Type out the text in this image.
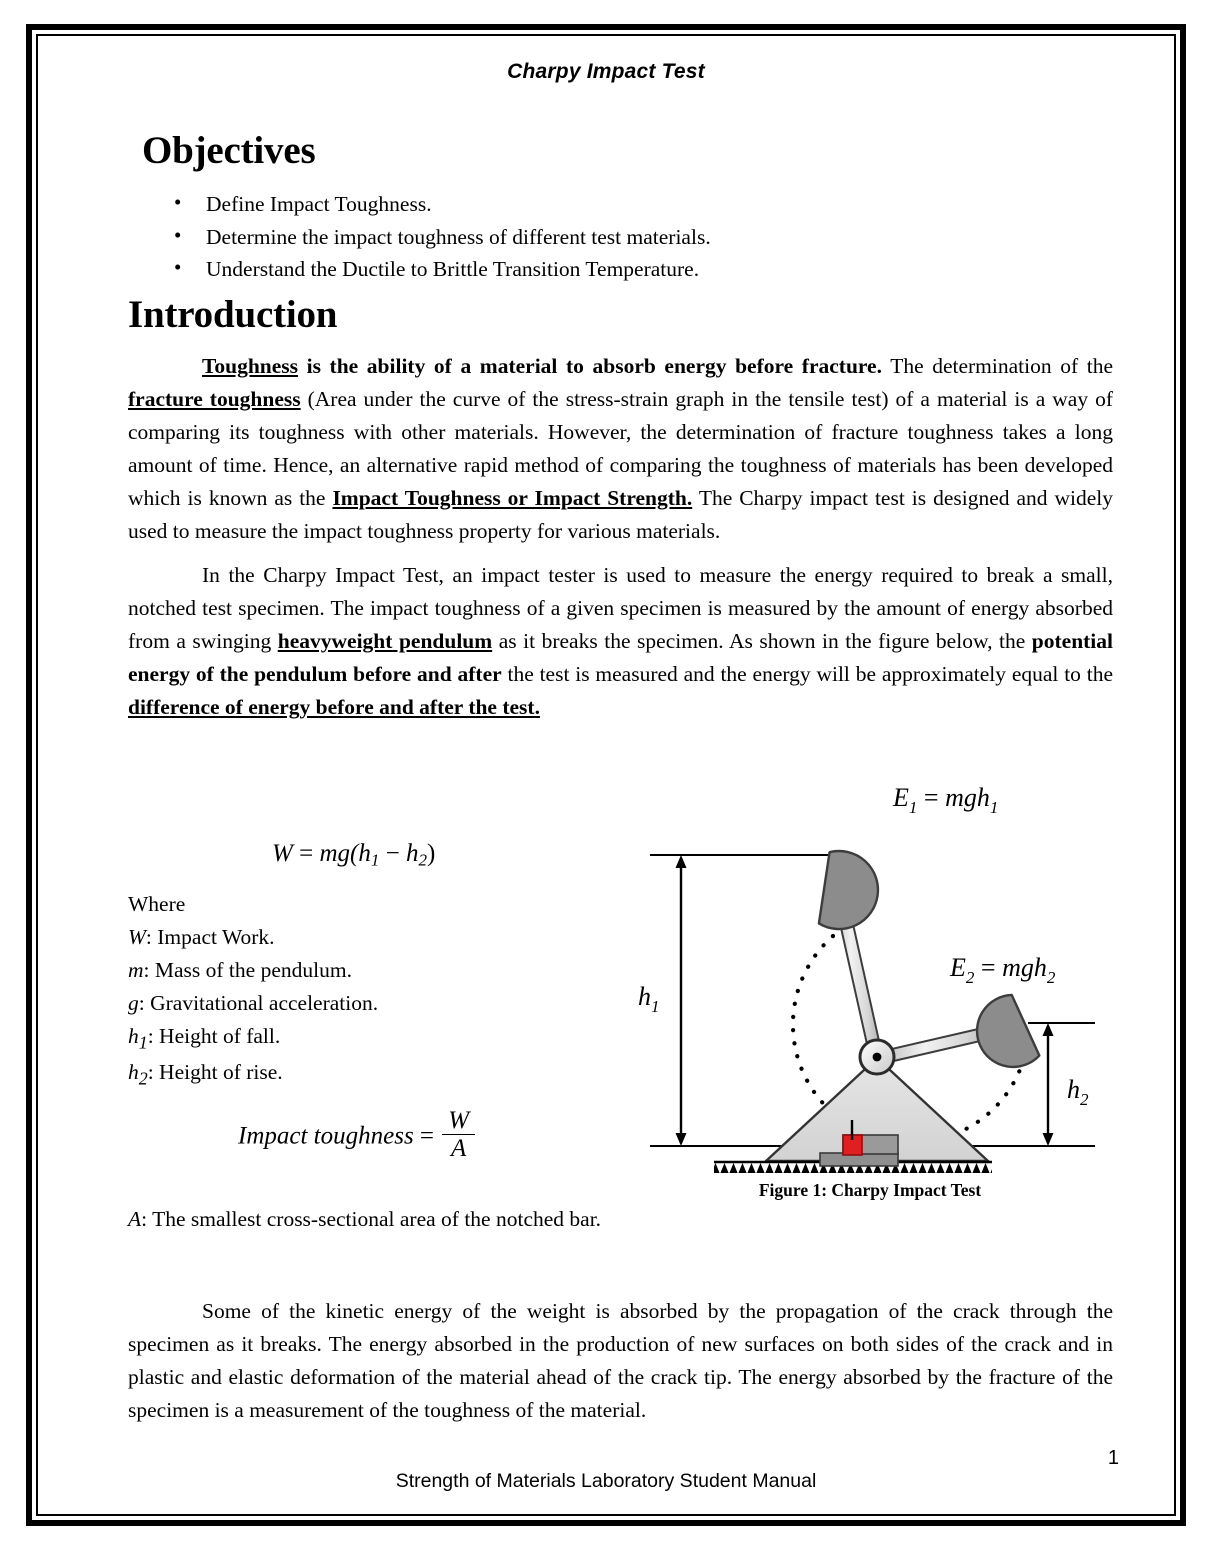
Charpy Impact Test
Objectives
• Define Impact Toughness.
• Determine the impact toughness of different test materials.
• Understand the Ductile to Brittle Transition Temperature.
Introduction

Toughness is the ability of a material to absorb energy before fracture. The determination of the fracture toughness (Area under the curve of the stress-strain graph in the tensile test) of a material is a way of comparing its toughness with other materials. However, the determination of fracture toughness takes a long amount of time. Hence, an alternative rapid method of comparing the toughness of materials has been developed which is known as the Impact Toughness or Impact Strength. The Charpy impact test is designed and widely used to measure the impact toughness property for various materials.

In the Charpy Impact Test, an impact tester is used to measure the energy required to break a small, notched test specimen. The impact toughness of a given specimen is measured by the amount of energy absorbed from a swinging heavyweight pendulum as it breaks the specimen. As shown in the figure below, the potential energy of the pendulum before and after the test is measured and the energy will be approximately equal to the difference of energy before and after the test.

$W = mg(h_1 - h_2)$
Where
W: Impact Work.
m: Mass of the pendulum.
g: Gravitational acceleration.
$h_1$: Height of fall.
$h_2$: Height of rise.
Impact toughness = $\frac{W}{A}$
A: The smallest cross-sectional area of the notched bar.
$E_1 = mgh_1$
$E_2 = mgh_2$
$h_1$
$h_2$
Figure 1: Charpy Impact Test

Some of the kinetic energy of the weight is absorbed by the propagation of the crack through the specimen as it breaks. The energy absorbed in the production of new surfaces on both sides of the crack and in plastic and elastic deformation of the material ahead of the crack tip. The energy absorbed by the fracture of the specimen is a measurement of the toughness of the material.

1
Strength of Materials Laboratory Student Manual
